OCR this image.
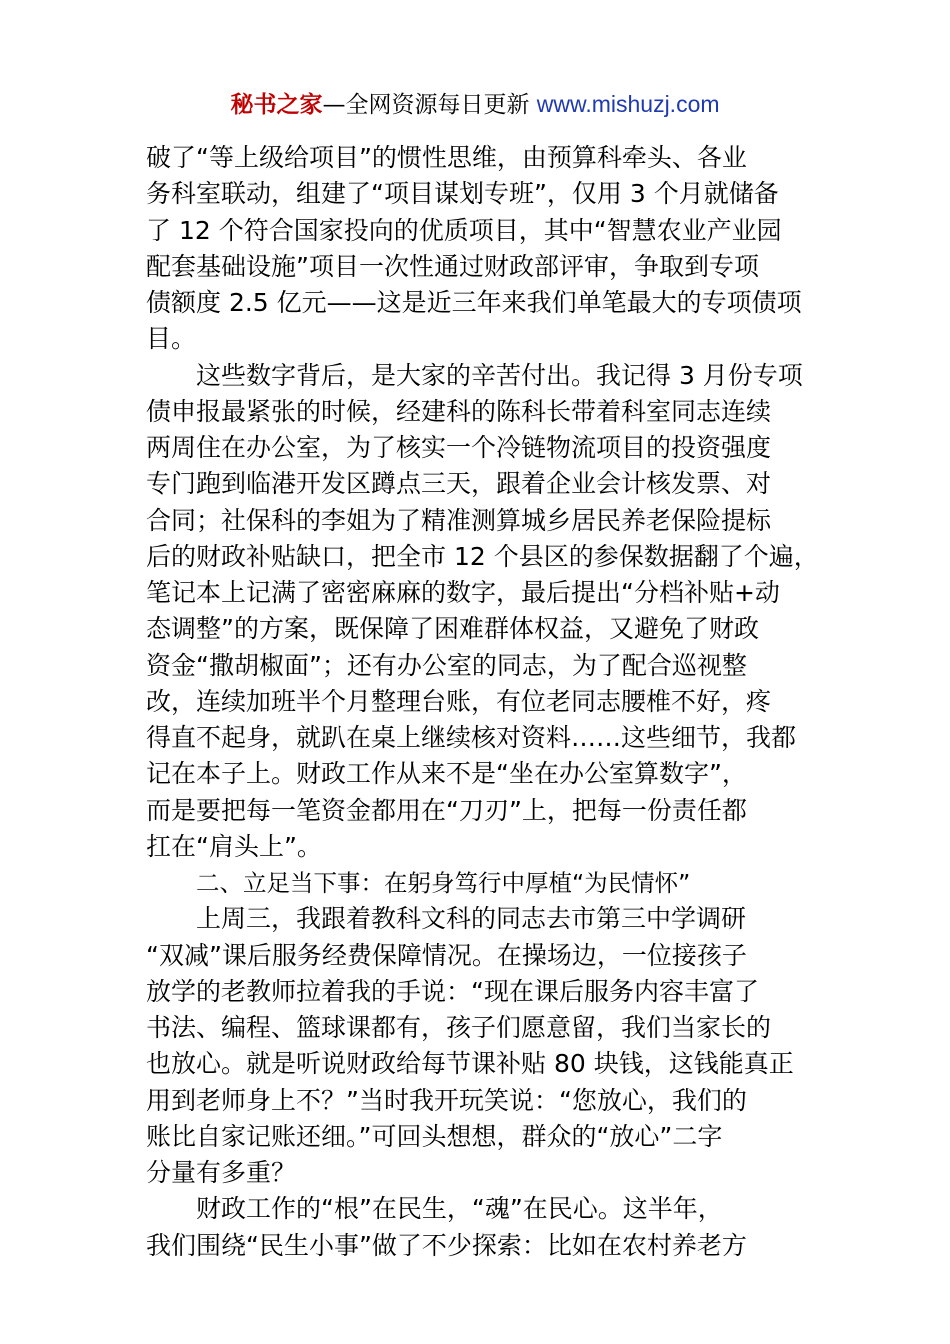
秘书之家—全网资源每日更新 www.mishuzj.com
破了“等上级给项目”的惯性思维，由预算科牵头、各业
务科室联动，组建了“项目谋划专班”，仅用 3 个月就储备
了 12 个符合国家投向的优质项目，其中“智慧农业产业园
配套基础设施”项目一次性通过财政部评审，争取到专项
债额度 2.5 亿元——这是近三年来我们单笔最大的专项债项
目。
这些数字背后，是大家的辛苦付出。我记得 3 月份专项
债申报最紧张的时候，经建科的陈科长带着科室同志连续
两周住在办公室，为了核实一个冷链物流项目的投资强度
专门跑到临港开发区蹲点三天，跟着企业会计核发票、对
合同；社保科的李姐为了精准测算城乡居民养老保险提标
后的财政补贴缺口，把全市 12 个县区的参保数据翻了个遍，
笔记本上记满了密密麻麻的数字，最后提出“分档补贴+动
态调整”的方案，既保障了困难群体权益，又避免了财政
资金“撒胡椒面”；还有办公室的同志，为了配合巡视整
改，连续加班半个月整理台账，有位老同志腰椎不好，疼
得直不起身，就趴在桌上继续核对资料……这些细节，我都
记在本子上。财政工作从来不是“坐在办公室算数字”，
而是要把每一笔资金都用在“刀刃”上，把每一份责任都
扛在“肩头上”。
二、立足当下事：在躬身笃行中厚植“为民情怀”
上周三，我跟着教科文科的同志去市第三中学调研
“双减”课后服务经费保障情况。在操场边，一位接孩子
放学的老教师拉着我的手说：“现在课后服务内容丰富了
书法、编程、篮球课都有，孩子们愿意留，我们当家长的
也放心。就是听说财政给每节课补贴 80 块钱，这钱能真正
用到老师身上不？”当时我开玩笑说：“您放心，我们的
账比自家记账还细。”可回头想想，群众的“放心”二字
分量有多重？
财政工作的“根”在民生，“魂”在民心。这半年，
我们围绕“民生小事”做了不少探索：比如在农村养老方
